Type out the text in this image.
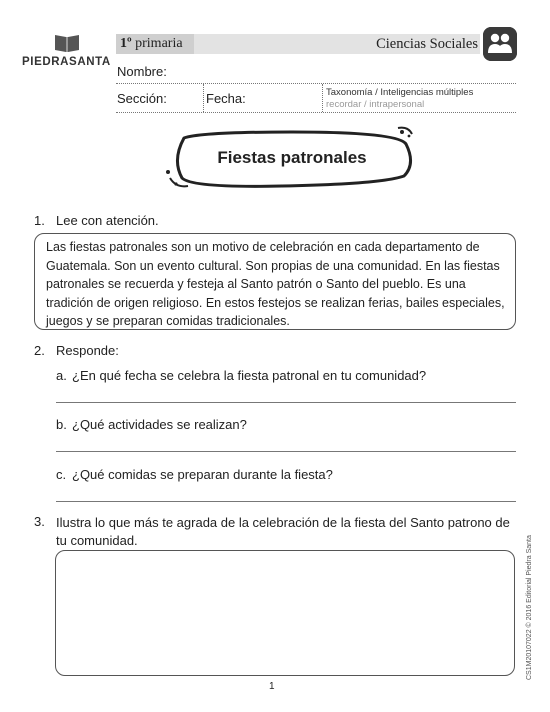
PIEDRASANTA
1º primaria	Ciencias Sociales
Nombre:
Sección:	Fecha:	Taxonomía / Inteligencias múltiples
recordar / intrapersonal
Fiestas patronales
1. Lee con atención.
Las fiestas patronales son un motivo de celebración en cada departamento de Guatemala. Son un evento cultural. Son propias de una comunidad. En las fiestas patronales se recuerda y festeja al Santo patrón o Santo del pueblo. Es una tradición de origen religioso. En estos festejos se realizan ferias, bailes especiales, juegos y se preparan comidas tradicionales.
2. Responde:
a. ¿En qué fecha se celebra la fiesta patronal en tu comunidad?
b. ¿Qué actividades se realizan?
c. ¿Qué comidas se preparan durante la fiesta?
3. Ilustra lo que más te agrada de la celebración de la fiesta del Santo patrono de tu comunidad.	CS1M20107022 © 2016 Editorial Piedra Santa
1
